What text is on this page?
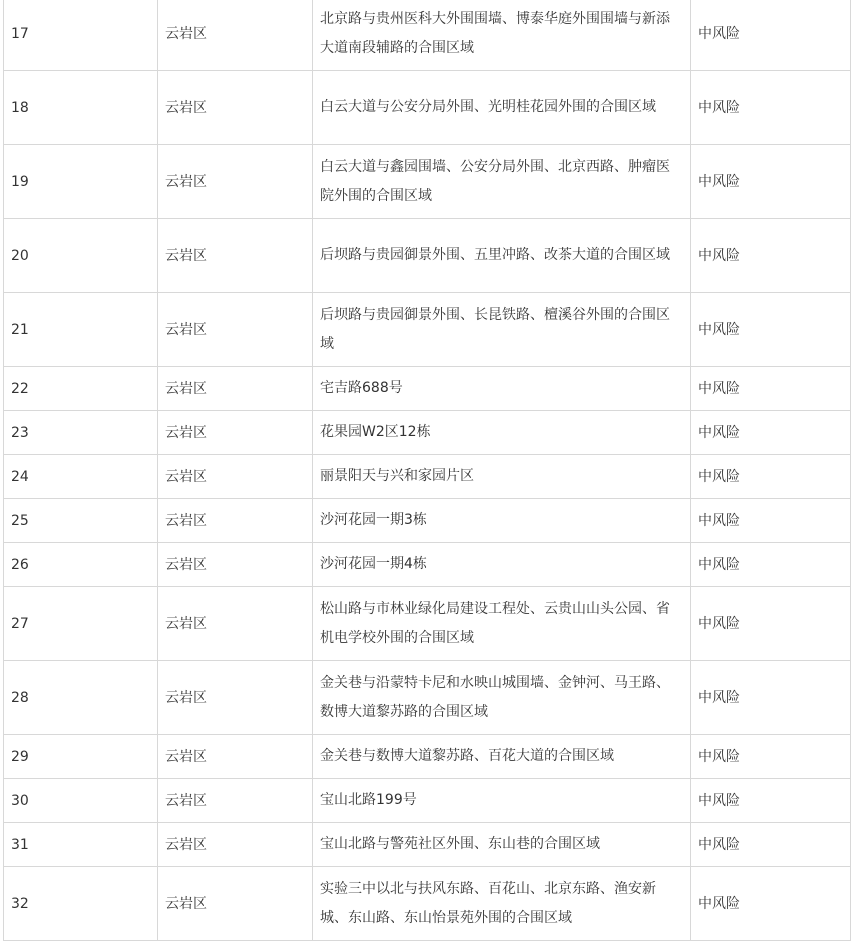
17	云岩区	北京路与贵州医科大外围围墙、博泰华庭外围围墙与新添大道南段辅路的合围区域	中风险
18	云岩区	白云大道与公安分局外围、光明桂花园外围的合围区域	中风险
19	云岩区	白云大道与鑫园围墙、公安分局外围、北京西路、肿瘤医院外围的合围区域	中风险
20	云岩区	后坝路与贵园御景外围、五里冲路、改茶大道的合围区域	中风险
21	云岩区	后坝路与贵园御景外围、长昆铁路、檀溪谷外围的合围区域	中风险
22	云岩区	宅吉路688号	中风险
23	云岩区	花果园W2区12栋	中风险
24	云岩区	丽景阳天与兴和家园片区	中风险
25	云岩区	沙河花园一期3栋	中风险
26	云岩区	沙河花园一期4栋	中风险
27	云岩区	松山路与市林业绿化局建设工程处、云贵山山头公园、省机电学校外围的合围区域	中风险
28	云岩区	金关巷与沿蒙特卡尼和水映山城围墙、金钟河、马王路、数博大道黎苏路的合围区域	中风险
29	云岩区	金关巷与数博大道黎苏路、百花大道的合围区域	中风险
30	云岩区	宝山北路199号	中风险
31	云岩区	宝山北路与警苑社区外围、东山巷的合围区域	中风险
32	云岩区	实验三中以北与扶风东路、百花山、北京东路、渔安新城、东山路、东山怡景苑外围的合围区域	中风险
